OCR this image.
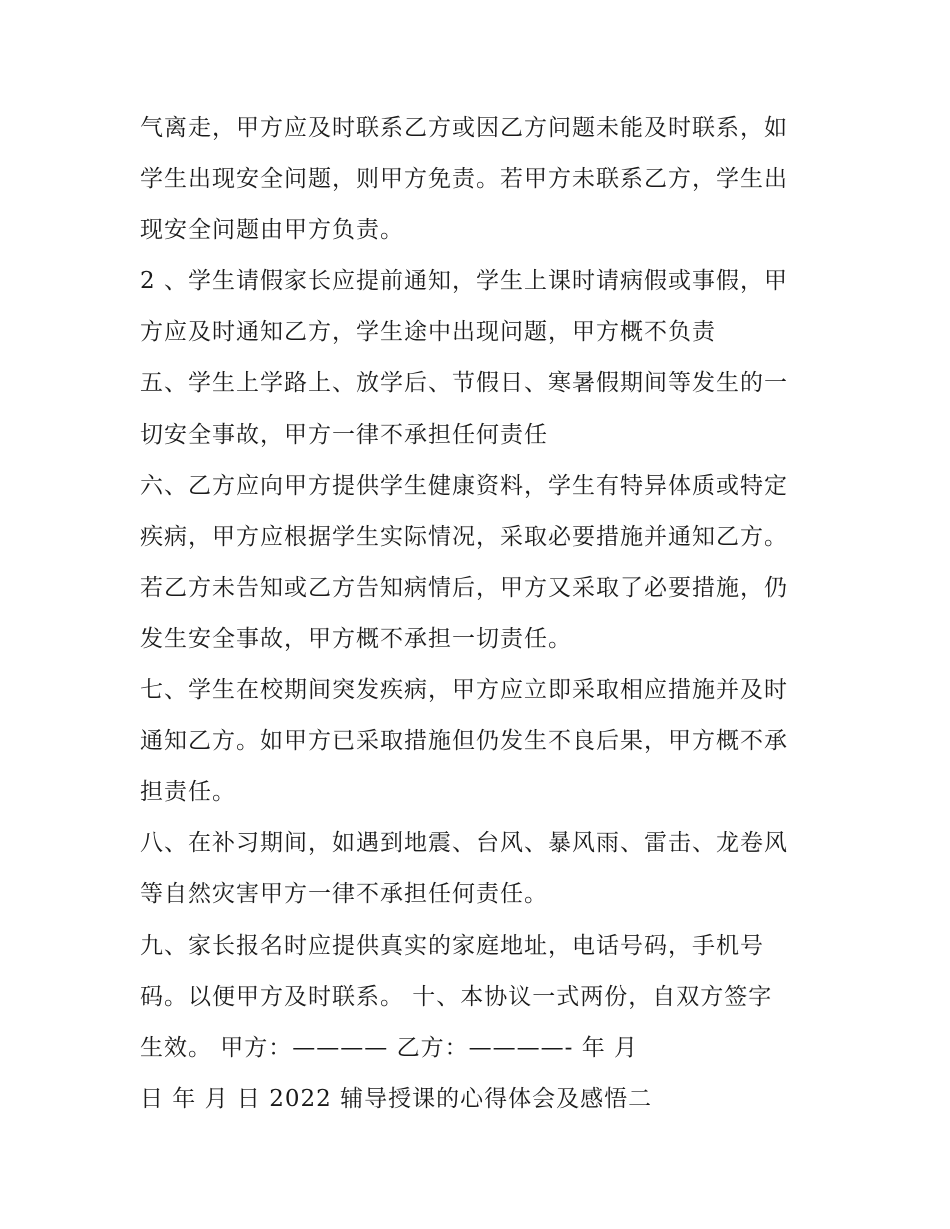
气离走，甲方应及时联系乙方或因乙方问题未能及时联系，如
学生出现安全问题，则甲方免责。若甲方未联系乙方，学生出
现安全问题由甲方负责。
2 、学生请假家长应提前通知，学生上课时请病假或事假，甲
方应及时通知乙方，学生途中出现问题，甲方概不负责
五、学生上学路上、放学后、节假日、寒暑假期间等发生的一
切安全事故，甲方一律不承担任何责任
六、乙方应向甲方提供学生健康资料，学生有特异体质或特定
疾病，甲方应根据学生实际情况，采取必要措施并通知乙方。
若乙方未告知或乙方告知病情后，甲方又采取了必要措施，仍
发生安全事故，甲方概不承担一切责任。
七、学生在校期间突发疾病，甲方应立即采取相应措施并及时
通知乙方。如甲方已采取措施但仍发生不良后果，甲方概不承
担责任。
八、在补习期间，如遇到地震、台风、暴风雨、雷击、龙卷风
等自然灾害甲方一律不承担任何责任。
九、家长报名时应提供真实的家庭地址，电话号码，手机号
码。以便甲方及时联系。 十、本协议一式两份，自双方签字
生效。 甲方：———— 乙方：————- 年 月
日 年 月 日 2022 辅导授课的心得体会及感悟二
